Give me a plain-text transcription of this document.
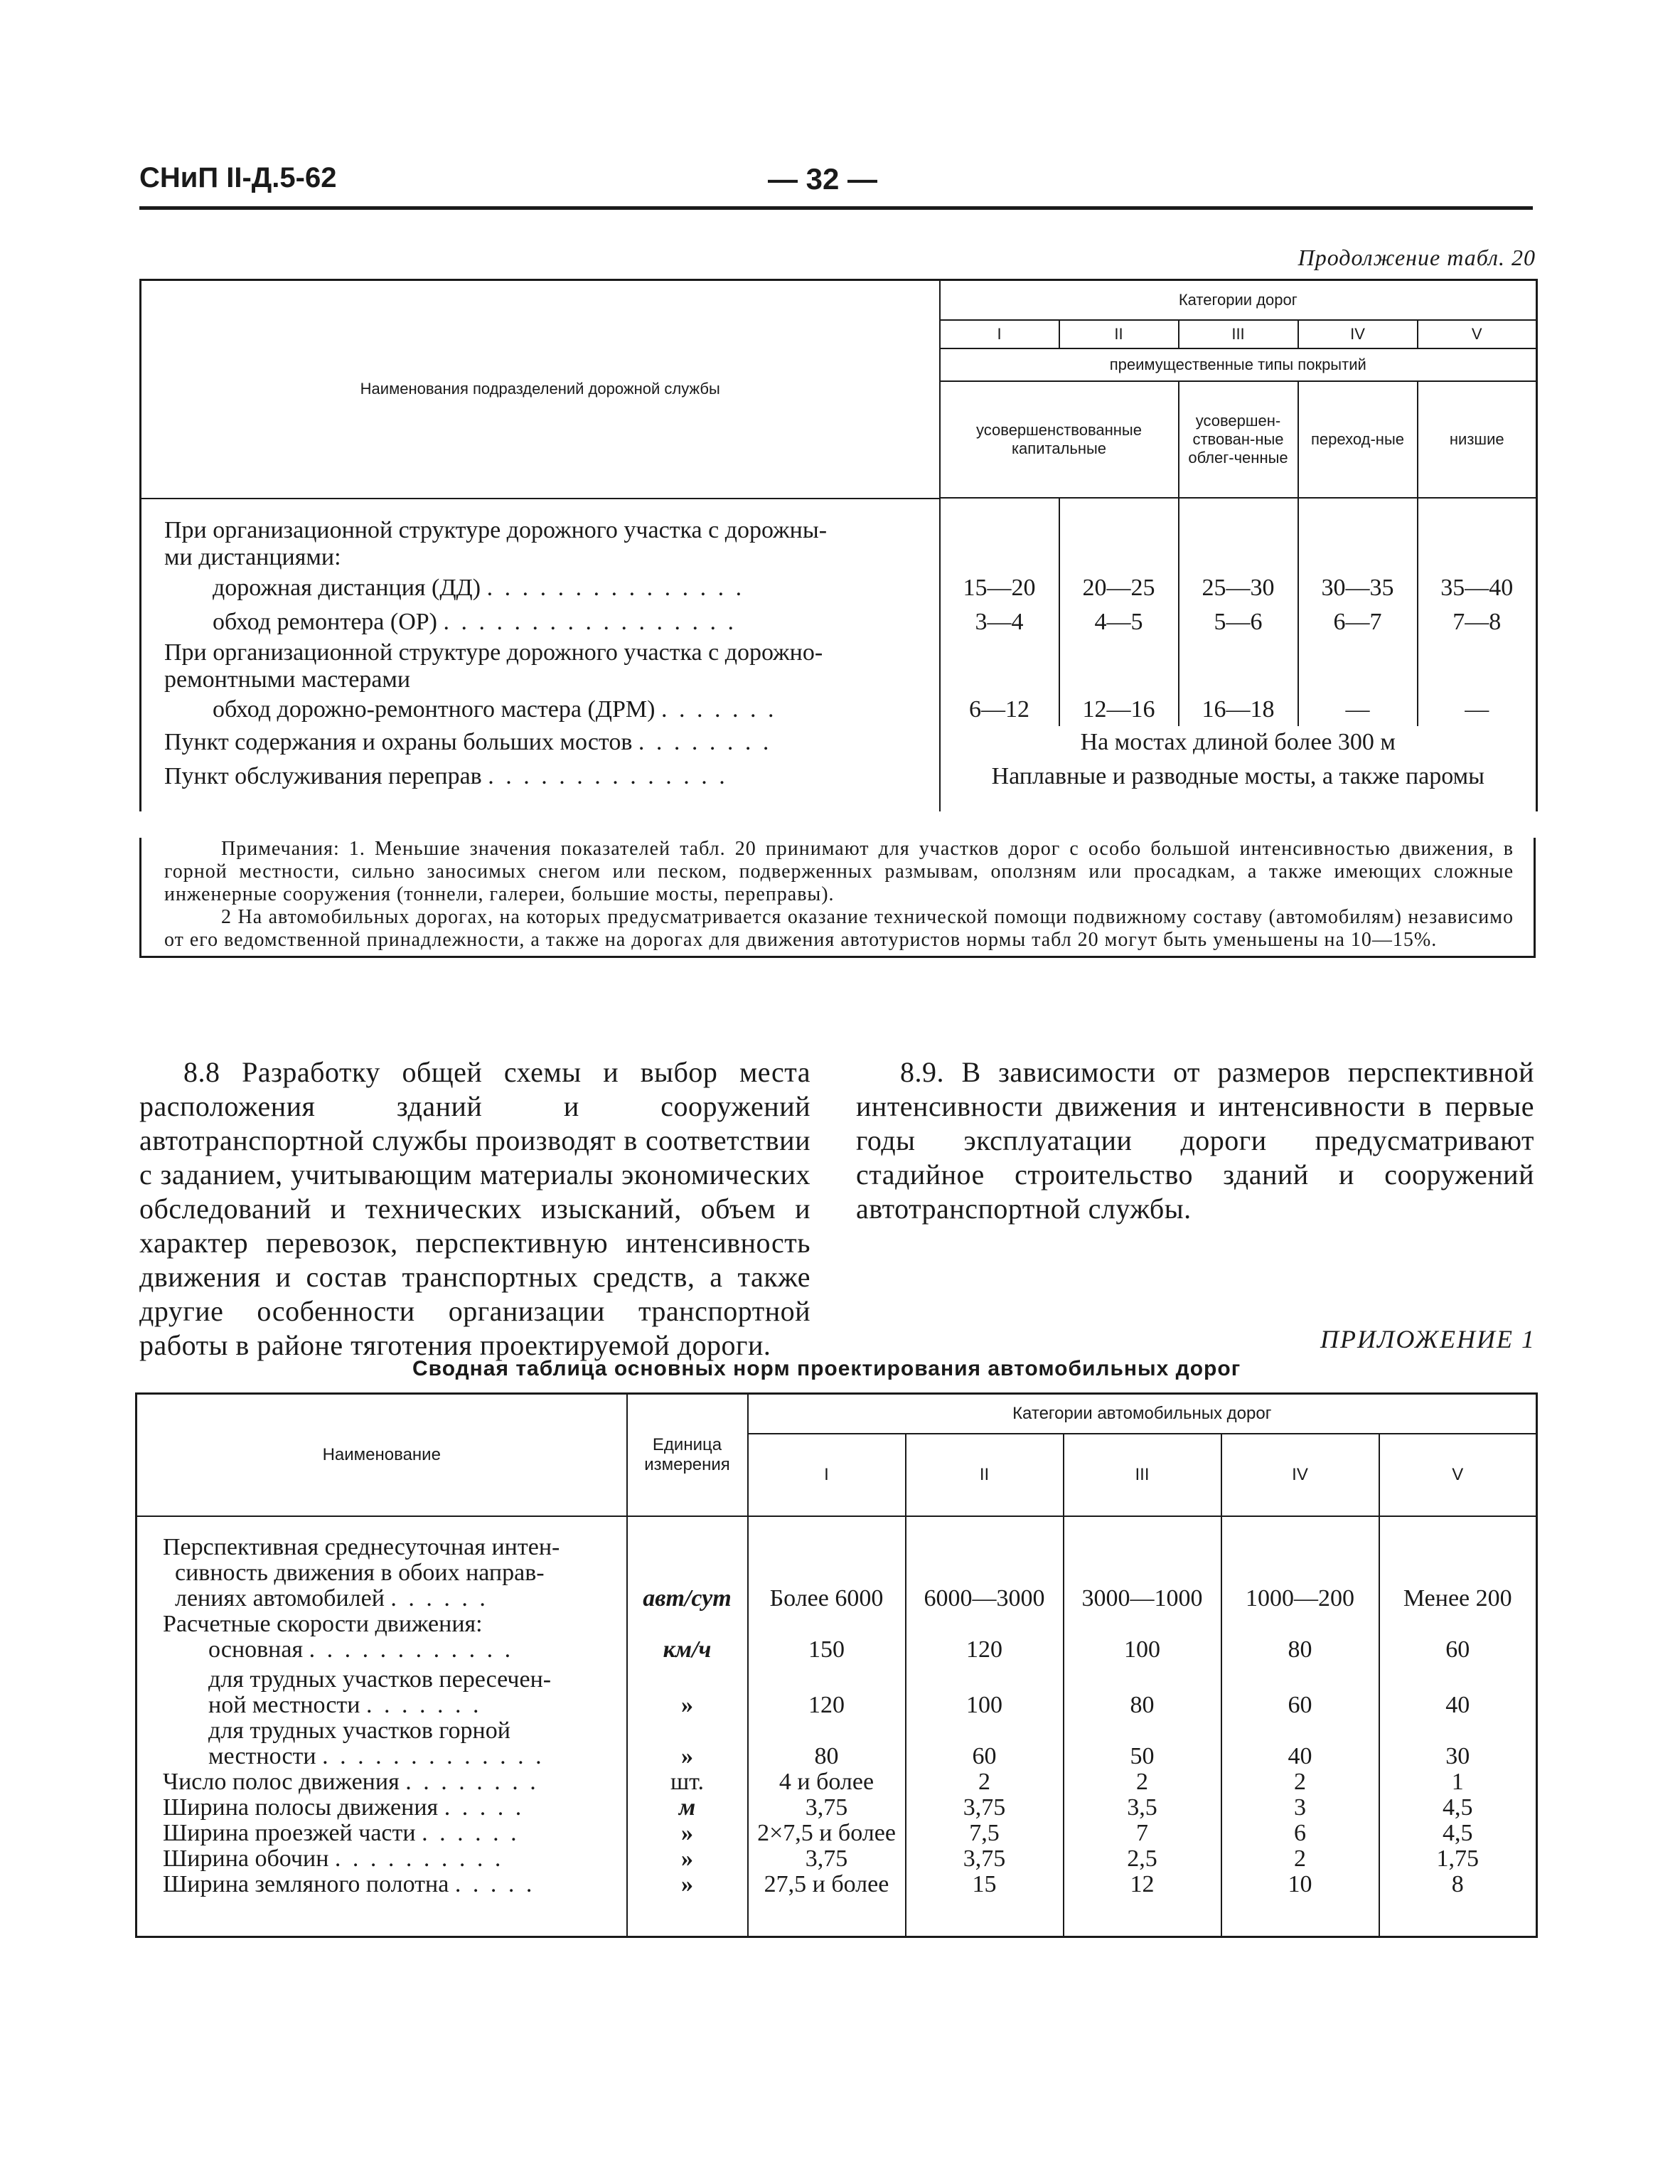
СНиП II-Д.5-62	— 32 —
Продолжение табл. 20
Наименования подразделений дорожной службы	Категории дорог				
	I	II	III	IV	V
	преимущественные типы покрытий				
	усовершенствованные капитальные		усовершен-ствован-ные облег-ченные	переход-ные	низшие

При организационной структуре дорожного участка с дорожны-
ми дистанциями:					
дорожная дистанция (ДД) . . . . . . . . . . . . . . .	15—20	20—25	25—30	30—35	35—40
обход ремонтера (ОР) . . . . . . . . . . . . . . . . .	3—4	4—5	5—6	6—7	7—8
При организационной структуре дорожного участка с дорожно-
ремонтными мастерами					
обход дорожно-ремонтного мастера (ДРМ) . . . . . . .	6—12	12—16	16—18	—	—
Пункт содержания и охраны больших мостов . . . . . . . .	На мостах длиной более 300 м				
Пункт обслуживания переправ . . . . . . . . . . . . . .	Наплавные и разводные мосты, а также паромы				

Примечания: 1. Меньшие значения показателей табл. 20 принимают для участков дорог с особо большой интенсивностью движения, в горной местности, сильно заносимых снегом или песком, подверженных размывам, оползням или просадкам, а также имеющих сложные инженерные сооружения (тоннели, галереи, большие мосты, переправы).

2 На автомобильных дорогах, на которых предусматривается оказание технической помощи подвижному составу (автомобилям) независимо от его ведомственной принадлежности, а также на дорогах для движения автотуристов нормы табл 20 могут быть уменьшены на 10—15%.

8.8 Разработку общей схемы и выбор места расположения зданий и сооружений автотранспортной службы производят в соответствии с заданием, учитывающим материалы экономических обследований и технических изысканий, объем и характер перевозок, перспективную интенсивность движения и состав транспортных средств, а также другие особенности организации транспортной работы в районе тяготения проектируемой дороги.

8.9. В зависимости от размеров перспективной интенсивности движения и интенсивности в первые годы эксплуатации дороги предусматривают стадийное строительство зданий и сооружений автотранспортной службы.

ПРИЛОЖЕНИЕ 1
Сводная таблица основных норм проектирования автомобильных дорог
Наименование	Единица измерения	Категории автомобильных дорог				
		I	II	III	IV	V

Перспективная среднесуточная интен-
сивность движения в обоих направ-
лениях автомобилей . . . . . .	авт/сут	Более 6000	6000—3000	3000—1000	1000—200	Менее 200
Расчетные скорости движения:						
основная . . . . . . . . . . . .	км/ч	150	120	100	80	60
для трудных участков пересечен-
ной местности . . . . . . .	»	120	100	80	60	40
для трудных участков горной
местности . . . . . . . . . . . . .	»	80	60	50	40	30
Число полос движения . . . . . . . .	шт.	4 и более	2	2	2	1
Ширина полосы движения . . . . .	м	3,75	3,75	3,5	3	4,5
Ширина проезжей части . . . . . .	»	2×7,5 и более	7,5	7	6	4,5
Ширина обочин . . . . . . . . . .	»	3,75	3,75	2,5	2	1,75
Ширина земляного полотна . . . . .	»	27,5 и более	15	12	10	8
